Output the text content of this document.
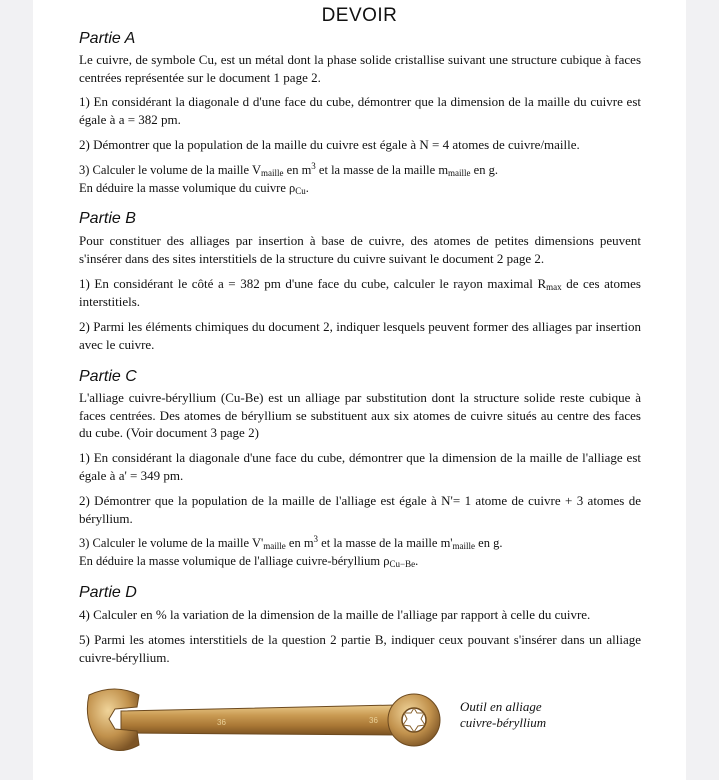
DEVOIR
Partie A
Le cuivre, de symbole Cu, est un métal dont la phase solide cristallise suivant une structure cubique à faces centrées représentée sur le document 1 page 2.
1) En considérant la diagonale d d'une face du cube, démontrer que la dimension de la maille du cuivre est égale à a = 382 pm.
2) Démontrer que la population de la maille du cuivre est égale à N = 4 atomes de cuivre/maille.
3) Calculer le volume de la maille $V_{maille}$ en $m^3$ et la masse de la maille $m_{maille}$ en g.
En déduire la masse volumique du cuivre $\rho_{Cu}$.
Partie B
Pour constituer des alliages par insertion à base de cuivre, des atomes de petites dimensions peuvent s'insérer dans des sites interstitiels de la structure du cuivre suivant le document 2 page 2.
1) En considérant le côté a = 382 pm d'une face du cube, calculer le rayon maximal $R_{max}$ de ces atomes interstitiels.
2) Parmi les éléments chimiques du document 2, indiquer lesquels peuvent former des alliages par insertion avec le cuivre.
Partie C
L'alliage cuivre-béryllium (Cu-Be) est un alliage par substitution dont la structure solide reste cubique à faces centrées. Des atomes de béryllium se substituent aux six atomes de cuivre situés au centre des faces du cube. (Voir document 3 page 2)
1) En considérant la diagonale d'une face du cube, démontrer que la dimension de la maille de l'alliage est égale à a' = 349 pm.
2) Démontrer que la population de la maille de l'alliage est égale à N'= 1 atome de cuivre + 3 atomes de béryllium.
3) Calculer le volume de la maille $V'_{maille}$ en $m^3$ et la masse de la maille $m'_{maille}$ en g.
En déduire la masse volumique de l'alliage cuivre-béryllium $\rho_{Cu-Be}$.
Partie D
4) Calculer en % la variation de la dimension de la maille de l'alliage par rapport à celle du cuivre.
5) Parmi les atomes interstitiels de la question 2 partie B, indiquer ceux pouvant s'insérer dans un alliage cuivre-béryllium.
36	36
Outil en alliage
cuivre-béryllium
